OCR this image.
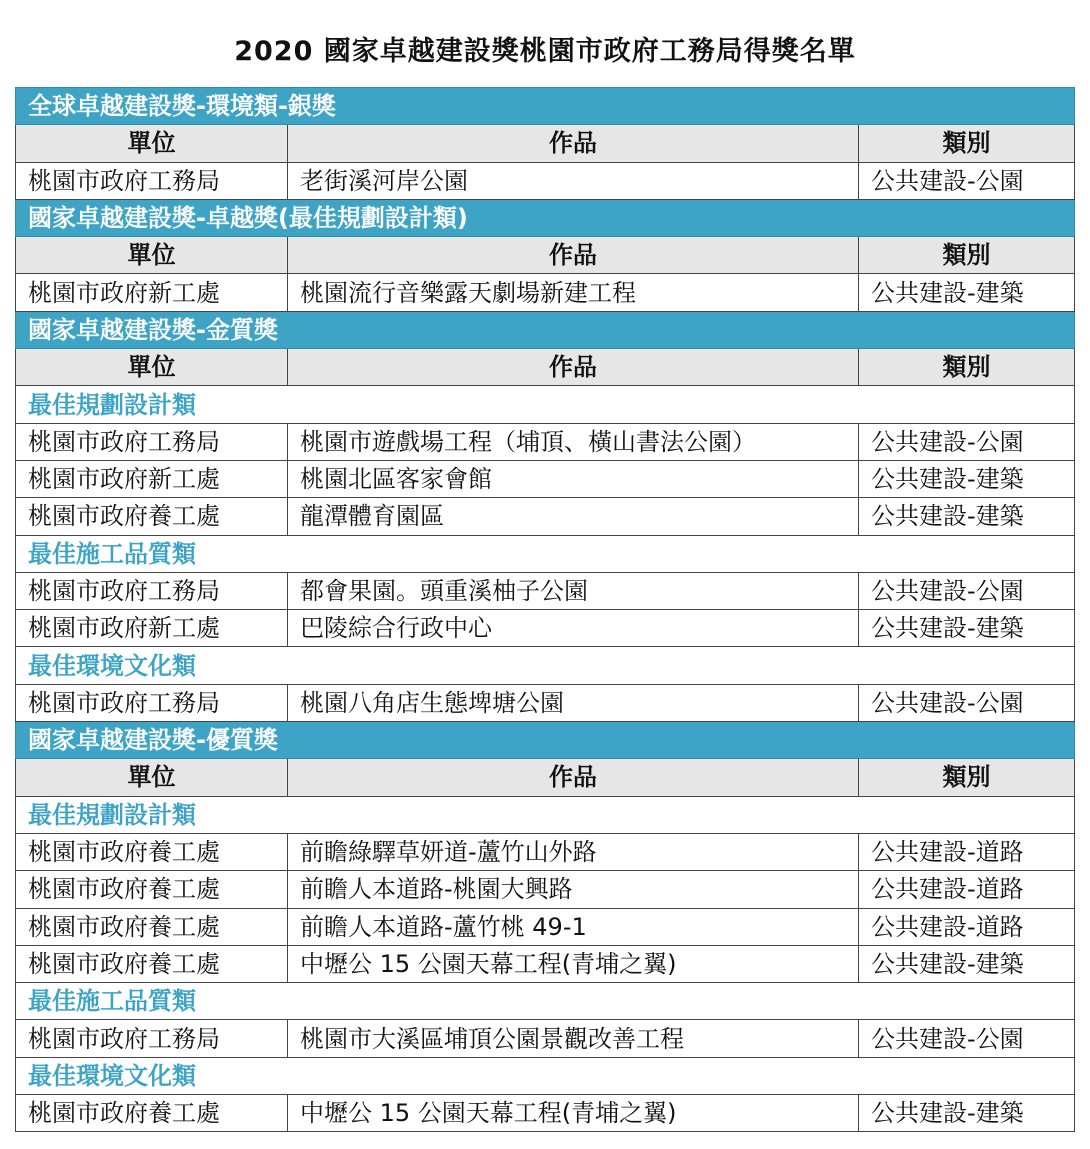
2020 國家卓越建設獎桃園市政府工務局得獎名單
全球卓越建設獎-環境類-銀獎		
單位	作品	類別
桃園市政府工務局	老街溪河岸公園	公共建設-公園
國家卓越建設獎-卓越獎(最佳規劃設計類)		
單位	作品	類別
桃園市政府新工處	桃園流行音樂露天劇場新建工程	公共建設-建築
國家卓越建設獎-金質獎		
單位	作品	類別
最佳規劃設計類		
桃園市政府工務局	桃園市遊戲場工程（埔頂、橫山書法公園）	公共建設-公園
桃園市政府新工處	桃園北區客家會館	公共建設-建築
桃園市政府養工處	龍潭體育園區	公共建設-建築
最佳施工品質類		
桃園市政府工務局	都會果園。頭重溪柚子公園	公共建設-公園
桃園市政府新工處	巴陵綜合行政中心	公共建設-建築
最佳環境文化類		
桃園市政府工務局	桃園八角店生態埤塘公園	公共建設-公園
國家卓越建設獎-優質獎		
單位	作品	類別
最佳規劃設計類		
桃園市政府養工處	前瞻綠驛草妍道-蘆竹山外路	公共建設-道路
桃園市政府養工處	前瞻人本道路-桃園大興路	公共建設-道路
桃園市政府養工處	前瞻人本道路-蘆竹桃 49-1	公共建設-道路
桃園市政府養工處	中壢公 15 公園天幕工程(青埔之翼)	公共建設-建築
最佳施工品質類		
桃園市政府工務局	桃園市大溪區埔頂公園景觀改善工程	公共建設-公園
最佳環境文化類		
桃園市政府養工處	中壢公 15 公園天幕工程(青埔之翼)	公共建設-建築
